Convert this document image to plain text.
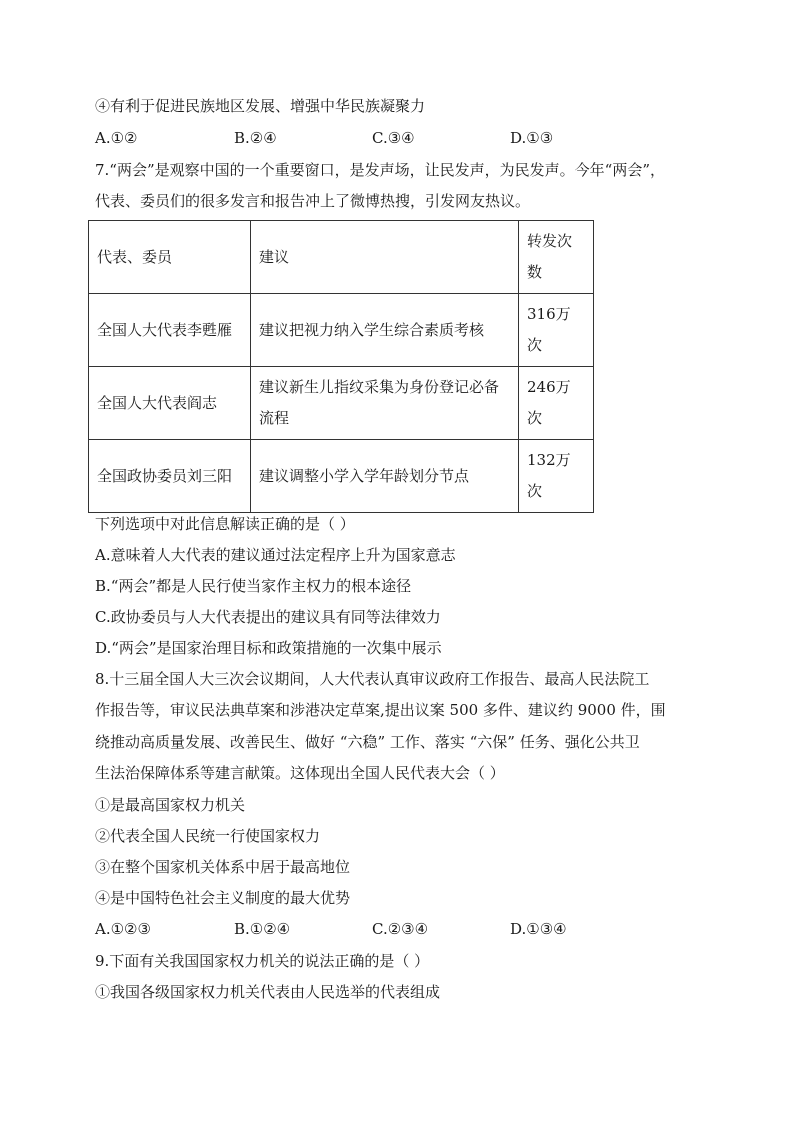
④有利于促进民族地区发展、增强中华民族凝聚力
A.①②	B.②④	C.③④	D.①③
7.“两会”是观察中国的一个重要窗口，是发声场，让民发声，为民发声。今年“两会”，
代表、委员们的很多发言和报告冲上了微博热搜，引发网友热议。
代表、委员	建议	转发次数
全国人大代表李甦雁	建议把视力纳入学生综合素质考核	316万次
全国人大代表阎志	建议新生儿指纹采集为身份登记必备流程	246万次
全国政协委员刘三阳	建议调整小学入学年龄划分节点	132万次
下列选项中对此信息解读正确的是（ ）
A.意味着人大代表的建议通过法定程序上升为国家意志
B.“两会”都是人民行使当家作主权力的根本途径
C.政协委员与人大代表提出的建议具有同等法律效力
D.“两会”是国家治理目标和政策措施的一次集中展示
8.十三届全国人大三次会议期间，人大代表认真审议政府工作报告、最高人民法院工
作报告等，审议民法典草案和涉港决定草案,提出议案 500 多件、建议约 9000 件，围
绕推动高质量发展、改善民生、做好 “六稳” 工作、落实 “六保” 任务、强化公共卫
生法治保障体系等建言献策。这体现出全国人民代表大会（ ）
①是最高国家权力机关
②代表全国人民统一行使国家权力
③在整个国家机关体系中居于最高地位
④是中国特色社会主义制度的最大优势
A.①②③	B.①②④	C.②③④	D.①③④
9.下面有关我国国家权力机关的说法正确的是（ ）
①我国各级国家权力机关代表由人民选举的代表组成
